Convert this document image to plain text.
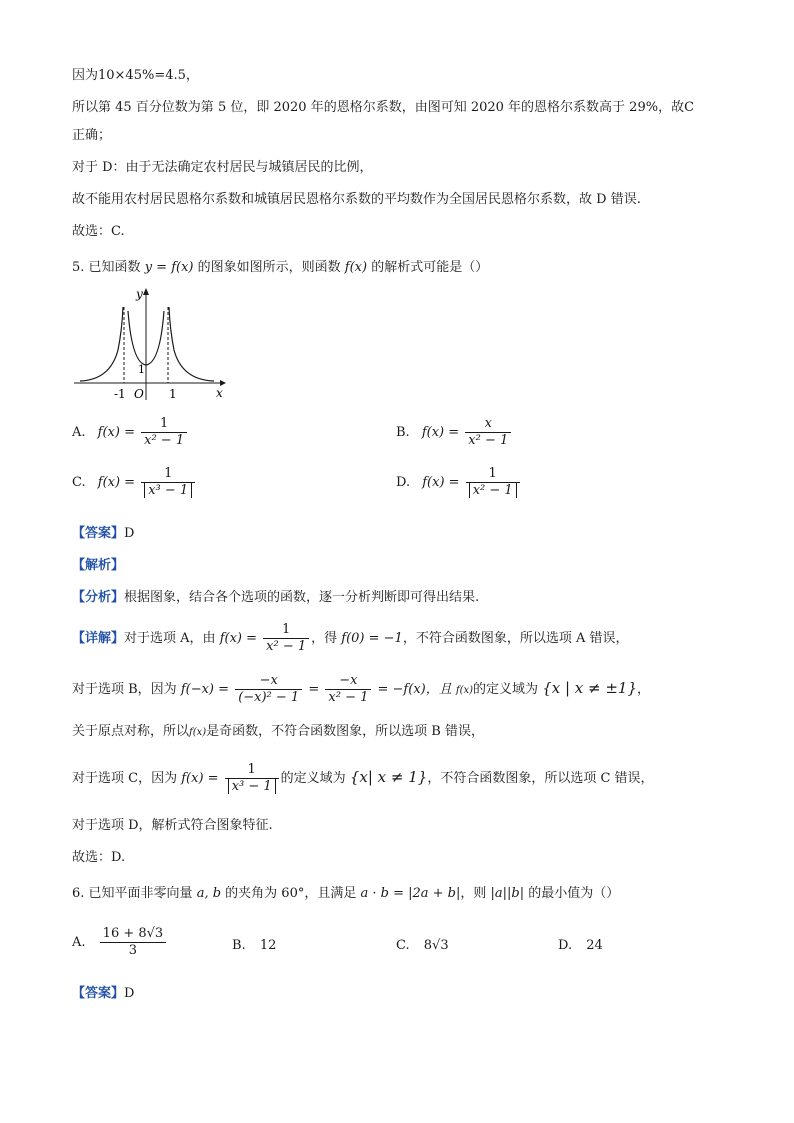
因为10×45%=4.5，
所以第 45 百分位数为第 5 位，即 2020 年的恩格尔系数，由图可知 2020 年的恩格尔系数高于 29%，故C
正确；
对于 D：由于无法确定农村居民与城镇居民的比例，
故不能用农村居民恩格尔系数和城镇居民恩格尔系数的平均数作为全国居民恩格尔系数，故 D 错误.
故选：C.
5. 已知函数 y = f(x) 的图象如图所示，则函数 f(x) 的解析式可能是（）
y
x
O
-1	1
1
A. $f(x) = \frac{1}{\text{x² − 1}}$	B. $f(x) = \frac{x}{\text{x² − 1}}$
C. $f(x) = \frac{1}{\text{x³ − 1}}$	D. $f(x) = \frac{1}{\text{x² − 1}}$
【答案】D
【解析】
【分析】根据图象，结合各个选项的函数，逐一分析判断即可得出结果.
【详解】对于选项 A，由 $f(x) = \frac{1}{\text{x² − 1}}$ ，得 f(0) = −1，不符合函数图象，所以选项 A 错误，
对于选项 B，因为 $f(-x) = \frac{-x}{\text{(−x)² − 1}} = \frac{-x}{\text{x² − 1}} = -f(x)$，且 f(x)的定义域为 {x | x ≠ ±1}，
关于原点对称，所以f(x)是奇函数，不符合函数图象，所以选项 B 错误，
对于选项 C，因为 $f(x) = \frac{1}{\text{x³ − 1}}$ 的定义域为 {x| x ≠ 1}，不符合函数图象，所以选项 C 错误，
对于选项 D，解析式符合图象特征.
故选：D.
6. 已知平面非零向量 a, b 的夹角为 60°，且满足 a · b = |2a + b|，则 |a||b| 的最小值为（）
A. $\frac{16 + 8√3}{3}$	B. 12	C. 8√3	D. 24
【答案】D
